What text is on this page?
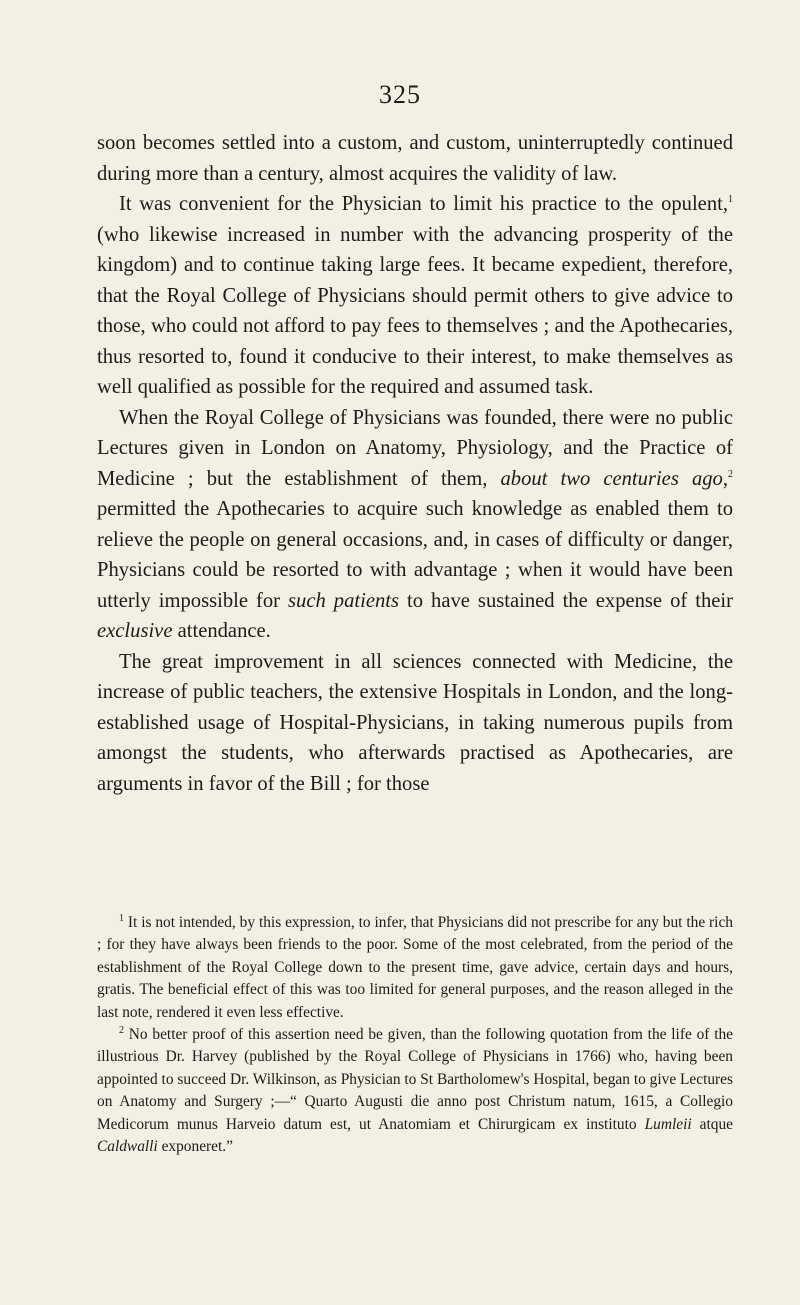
325

soon becomes settled into a custom, and custom, uninterruptedly continued during more than a century, almost acquires the validity of law.

It was convenient for the Physician to limit his practice to the opulent,$^1$ (who likewise increased in number with the advancing prosperity of the kingdom) and to continue taking large fees. It became expedient, therefore, that the Royal College of Physicians should permit others to give advice to those, who could not afford to pay fees to themselves ; and the Apothecaries, thus resorted to, found it conducive to their interest, to make themselves as well qualified as possible for the required and assumed task.

When the Royal College of Physicians was founded, there were no public Lectures given in London on Anatomy, Physiology, and the Practice of Medicine ; but the establishment of them, about two centuries ago,$^2$ permitted the Apothecaries to acquire such knowledge as enabled them to relieve the people on general occasions, and, in cases of difficulty or danger, Physicians could be resorted to with advantage ; when it would have been utterly impossible for such patients to have sustained the expense of their exclusive attendance.

The great improvement in all sciences connected with Medicine, the increase of public teachers, the extensive Hospitals in London, and the long-established usage of Hospital-Physicians, in taking numerous pupils from amongst the students, who afterwards practised as Apothecaries, are arguments in favor of the Bill ; for those

$^1$ It is not intended, by this expression, to infer, that Physicians did not prescribe for any but the rich ; for they have always been friends to the poor. Some of the most celebrated, from the period of the establishment of the Royal College down to the present time, gave advice, certain days and hours, gratis. The beneficial effect of this was too limited for general purposes, and the reason alleged in the last note, rendered it even less effective.

$^2$ No better proof of this assertion need be given, than the following quotation from the life of the illustrious Dr. Harvey (published by the Royal College of Physicians in 1766) who, having been appointed to succeed Dr. Wilkinson, as Physician to St Bartholomew's Hospital, began to give Lectures on Anatomy and Surgery ;—“ Quarto Augusti die anno post Christum natum, 1615, a Collegio Medicorum munus Harveio datum est, ut Anatomiam et Chirurgicam ex instituto Lumleii atque Caldwalli exponeret.”
